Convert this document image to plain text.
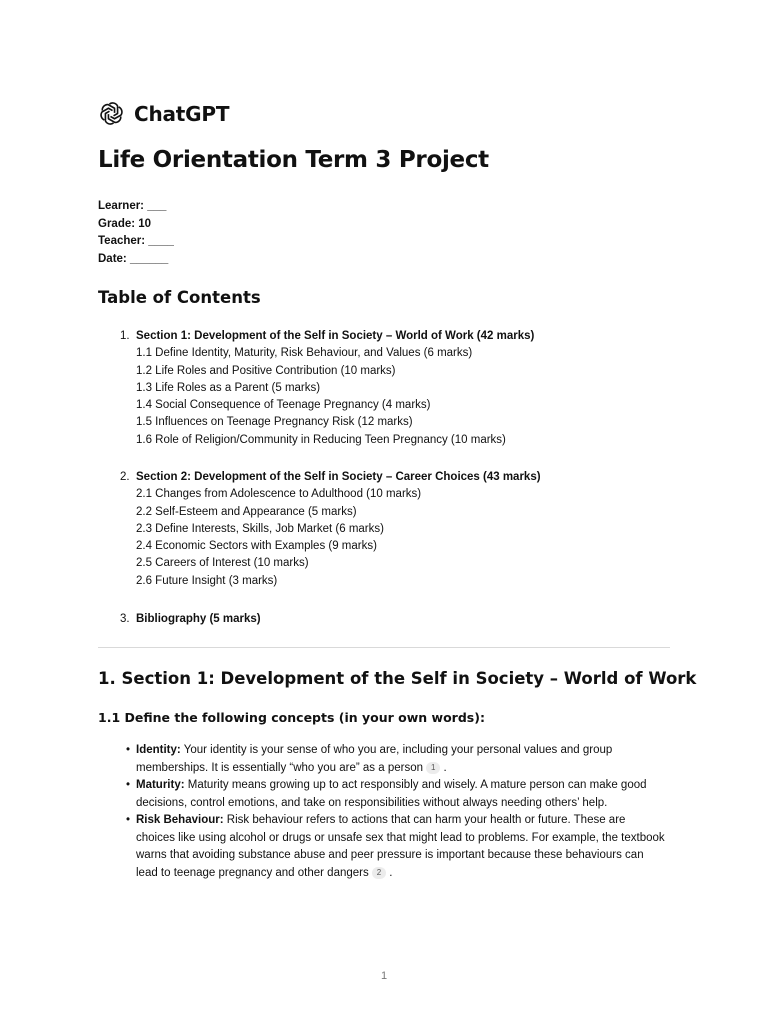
ChatGPT
Life Orientation Term 3 Project
Learner: ___
Grade: 10
Teacher: ____
Date: ______
Table of Contents
1. Section 1: Development of the Self in Society – World of Work (42 marks)
1.1 Define Identity, Maturity, Risk Behaviour, and Values (6 marks)
1.2 Life Roles and Positive Contribution (10 marks)
1.3 Life Roles as a Parent (5 marks)
1.4 Social Consequence of Teenage Pregnancy (4 marks)
1.5 Influences on Teenage Pregnancy Risk (12 marks)
1.6 Role of Religion/Community in Reducing Teen Pregnancy (10 marks)
2. Section 2: Development of the Self in Society – Career Choices (43 marks)
2.1 Changes from Adolescence to Adulthood (10 marks)
2.2 Self-Esteem and Appearance (5 marks)
2.3 Define Interests, Skills, Job Market (6 marks)
2.4 Economic Sectors with Examples (9 marks)
2.5 Careers of Interest (10 marks)
2.6 Future Insight (3 marks)
3. Bibliography (5 marks)
1. Section 1: Development of the Self in Society – World of Work
1.1 Define the following concepts (in your own words):
• Identity: Your identity is your sense of who you are, including your personal values and group memberships. It is essentially “who you are” as a person 1 .
• Maturity: Maturity means growing up to act responsibly and wisely. A mature person can make good decisions, control emotions, and take on responsibilities without always needing others’ help.
• Risk Behaviour: Risk behaviour refers to actions that can harm your health or future. These are choices like using alcohol or drugs or unsafe sex that might lead to problems. For example, the textbook warns that avoiding substance abuse and peer pressure is important because these behaviours can lead to teenage pregnancy and other dangers 2 .
1
